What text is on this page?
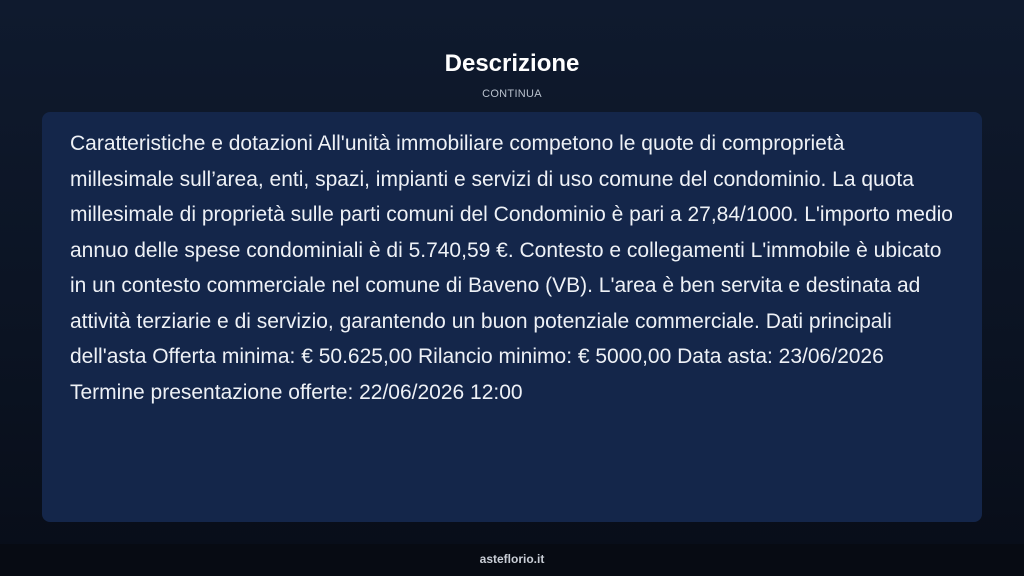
Descrizione
CONTINUA

Caratteristiche e dotazioni All'unità immobiliare competono le quote di comproprietà millesimale sull’area, enti, spazi, impianti e servizi di uso comune del condominio. La quota millesimale di proprietà sulle parti comuni del Condominio è pari a 27,84/1000. L'importo medio annuo delle spese condominiali è di 5.740,59 €. Contesto e collegamenti L'immobile è ubicato in un contesto commerciale nel comune di Baveno (VB). L'area è ben servita e destinata ad attività terziarie e di servizio, garantendo un buon potenziale commerciale. Dati principali dell'asta Offerta minima: € 50.625,00 Rilancio minimo: € 5000,00 Data asta: 23/06/2026 Termine presentazione offerte: 22/06/2026 12:00

asteflorio.it
